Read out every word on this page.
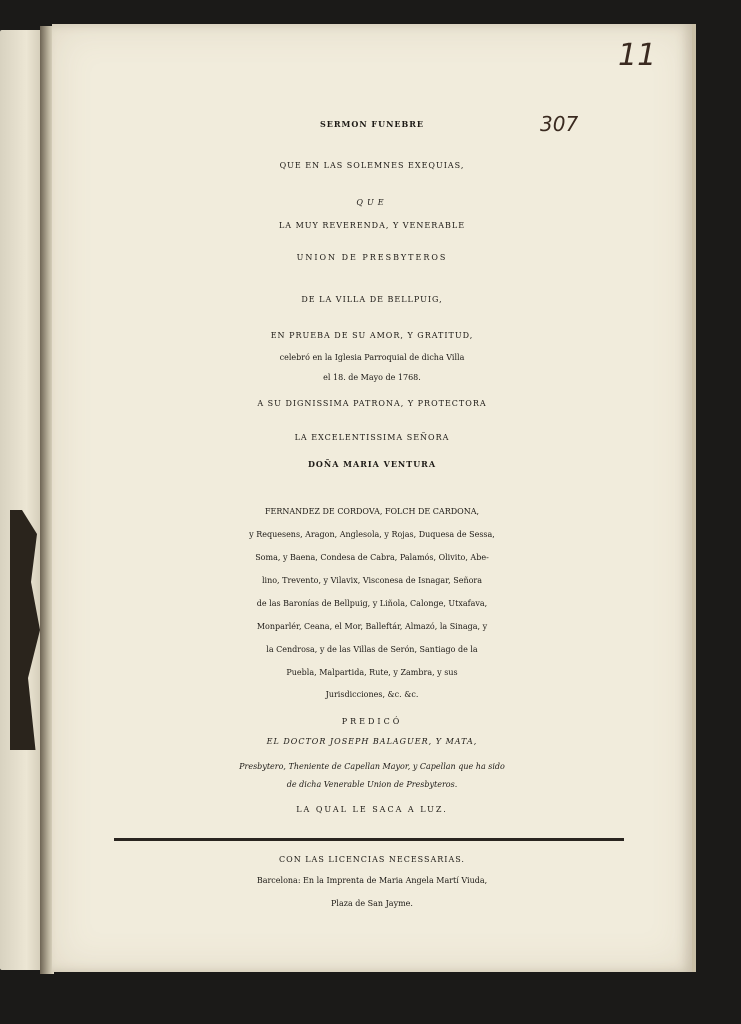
11
307
SERMON FUNEBRE
QUE EN LAS SOLEMNES EXEQUIAS,
QUE
LA MUY REVERENDA, Y VENERABLE
UNION DE PRESBYTEROS
DE LA VILLA DE BELLPUIG,
EN PRUEBA DE SU AMOR, Y GRATITUD,
celebró en la Iglesia Parroquial de dicha Villa
el 18. de Mayo de 1768.
A SU DIGNISSIMA PATRONA, Y PROTECTORA
LA EXCELENTISSIMA SEÑORA
DOÑA MARIA VENTURA
FERNANDEZ DE CORDOVA, FOLCH DE CARDONA,
y Requesens, Aragon, Anglesola, y Rojas, Duquesa de Sessa,
Soma, y Baena, Condesa de Cabra, Palamós, Olivito, Abe-
lino, Trevento, y Vilavix, Visconesa de Isnagar, Señora
de las Baronías de Bellpuig, y Liñola, Calonge, Utxafava,
Monparlér, Ceana, el Mor, Balleftár, Almazó, la Sinaga, y
la Cendrosa, y de las Villas de Serón, Santiago de la
Puebla, Malpartida, Rute, y Zambra, y sus
Jurisdicciones, &c. &c.
PREDICÓ
EL DOCTOR JOSEPH BALAGUER, Y MATA,
Presbytero, Theniente de Capellan Mayor, y Capellan que ha sido
de dicha Venerable Union de Presbyteros.
LA QUAL LE SACA A LUZ.
CON LAS LICENCIAS NECESSARIAS.
Barcelona: En la Imprenta de Maria Angela Martí Viuda,
Plaza de San Jayme.
